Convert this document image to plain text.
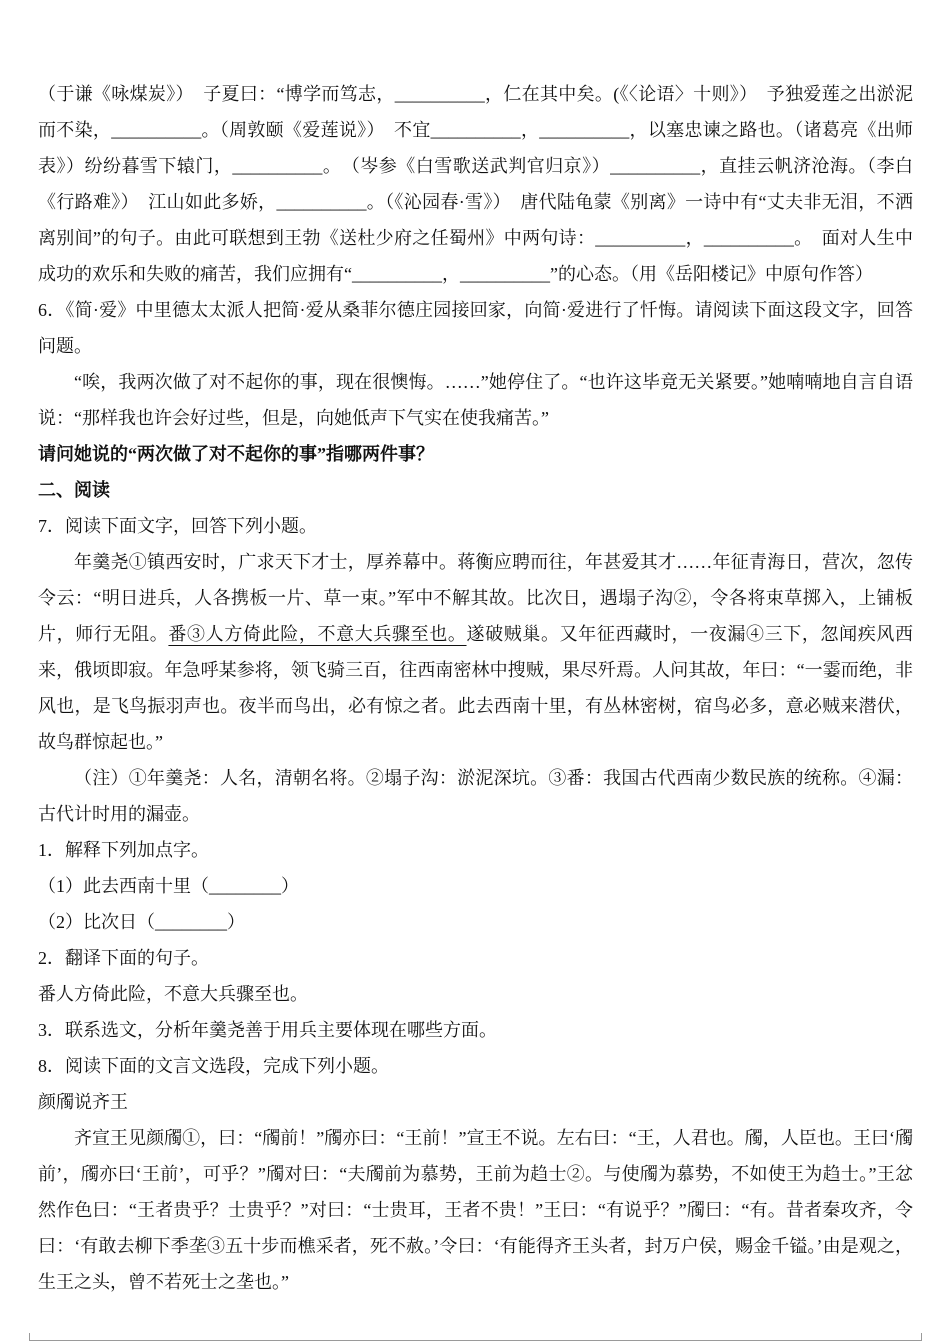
（于谦《咏煤炭》）　子夏曰：“博学而笃志，__________，仁在其中矣。(《〈论语〉十则》）　予独爱莲之出淤泥而不染，__________。（周敦颐《爱莲说》）　不宜__________，__________，以塞忠谏之路也。（诸葛亮《出师表》）纷纷暮雪下辕门，__________。　（岑参《白雪歌送武判官归京》）__________，直挂云帆济沧海。（李白《行路难》）　江山如此多娇，__________。（《沁园春·雪》）　唐代陆龟蒙《别离》一诗中有“丈夫非无泪，不洒离别间”的句子。由此可联想到王勃《送杜少府之任蜀州》中两句诗：__________，__________。　面对人生中成功的欢乐和失败的痛苦，我们应拥有“__________，__________”的心态。（用《岳阳楼记》中原句作答）

6．《简·爱》中里德太太派人把简·爱从桑菲尔德庄园接回家，向简·爱进行了忏悔。请阅读下面这段文字，回答问题。

“唉，我两次做了对不起你的事，现在很懊悔。……”她停住了。“也许这毕竟无关紧要。”她喃喃地自言自语说：“那样我也许会好过些，但是，向她低声下气实在使我痛苦。”

请问她说的“两次做了对不起你的事”指哪两件事？

二、阅读

7．阅读下面文字，回答下列小题。

年羹尧①镇西安时，广求天下才士，厚养幕中。蒋衡应聘而往，年甚爱其才……年征青海日，营次，忽传令云：“明日进兵，人各携板一片、草一束。”军中不解其故。比次日，遇塌子沟②，令各将束草掷入，上铺板片，师行无阻。番③人方倚此险，不意大兵骤至也。遂破贼巢。又年征西藏时，一夜漏④三下，忽闻疾风西来，俄顷即寂。年急呼某参将，领飞骑三百，往西南密林中搜贼，果尽歼焉。人问其故，年曰：“一霎而绝，非风也，是飞鸟振羽声也。夜半而鸟出，必有惊之者。此去西南十里，有丛林密树，宿鸟必多，意必贼来潜伏，故鸟群惊起也。”

（注）①年羹尧：人名，清朝名将。②塌子沟：淤泥深坑。③番：我国古代西南少数民族的统称。④漏：古代计时用的漏壶。

1．解释下列加点字。

（1）此去西南十里（________）

（2）比次日（________）

2．翻译下面的句子。

番人方倚此险，不意大兵骤至也。

3．联系选文，分析年羹尧善于用兵主要体现在哪些方面。

8．阅读下面的文言文选段，完成下列小题。

颜斶说齐王

齐宣王见颜斶①，曰：“斶前！”斶亦曰：“王前！”宣王不说。左右曰：“王，人君也。斶，人臣也。王曰‘斶前’，斶亦曰‘王前’，可乎？”斶对曰：“夫斶前为慕势，王前为趋士②。与使斶为慕势，不如使王为趋士。”王忿然作色曰：“王者贵乎？士贵乎？”对曰：“士贵耳，王者不贵！”王曰：“有说乎？”斶曰：“有。昔者秦攻齐，令曰：‘有敢去柳下季垄③五十步而樵采者，死不赦。’令曰：‘有能得齐王头者，封万户侯，赐金千镒。’由是观之，生王之头，曾不若死士之垄也。”
